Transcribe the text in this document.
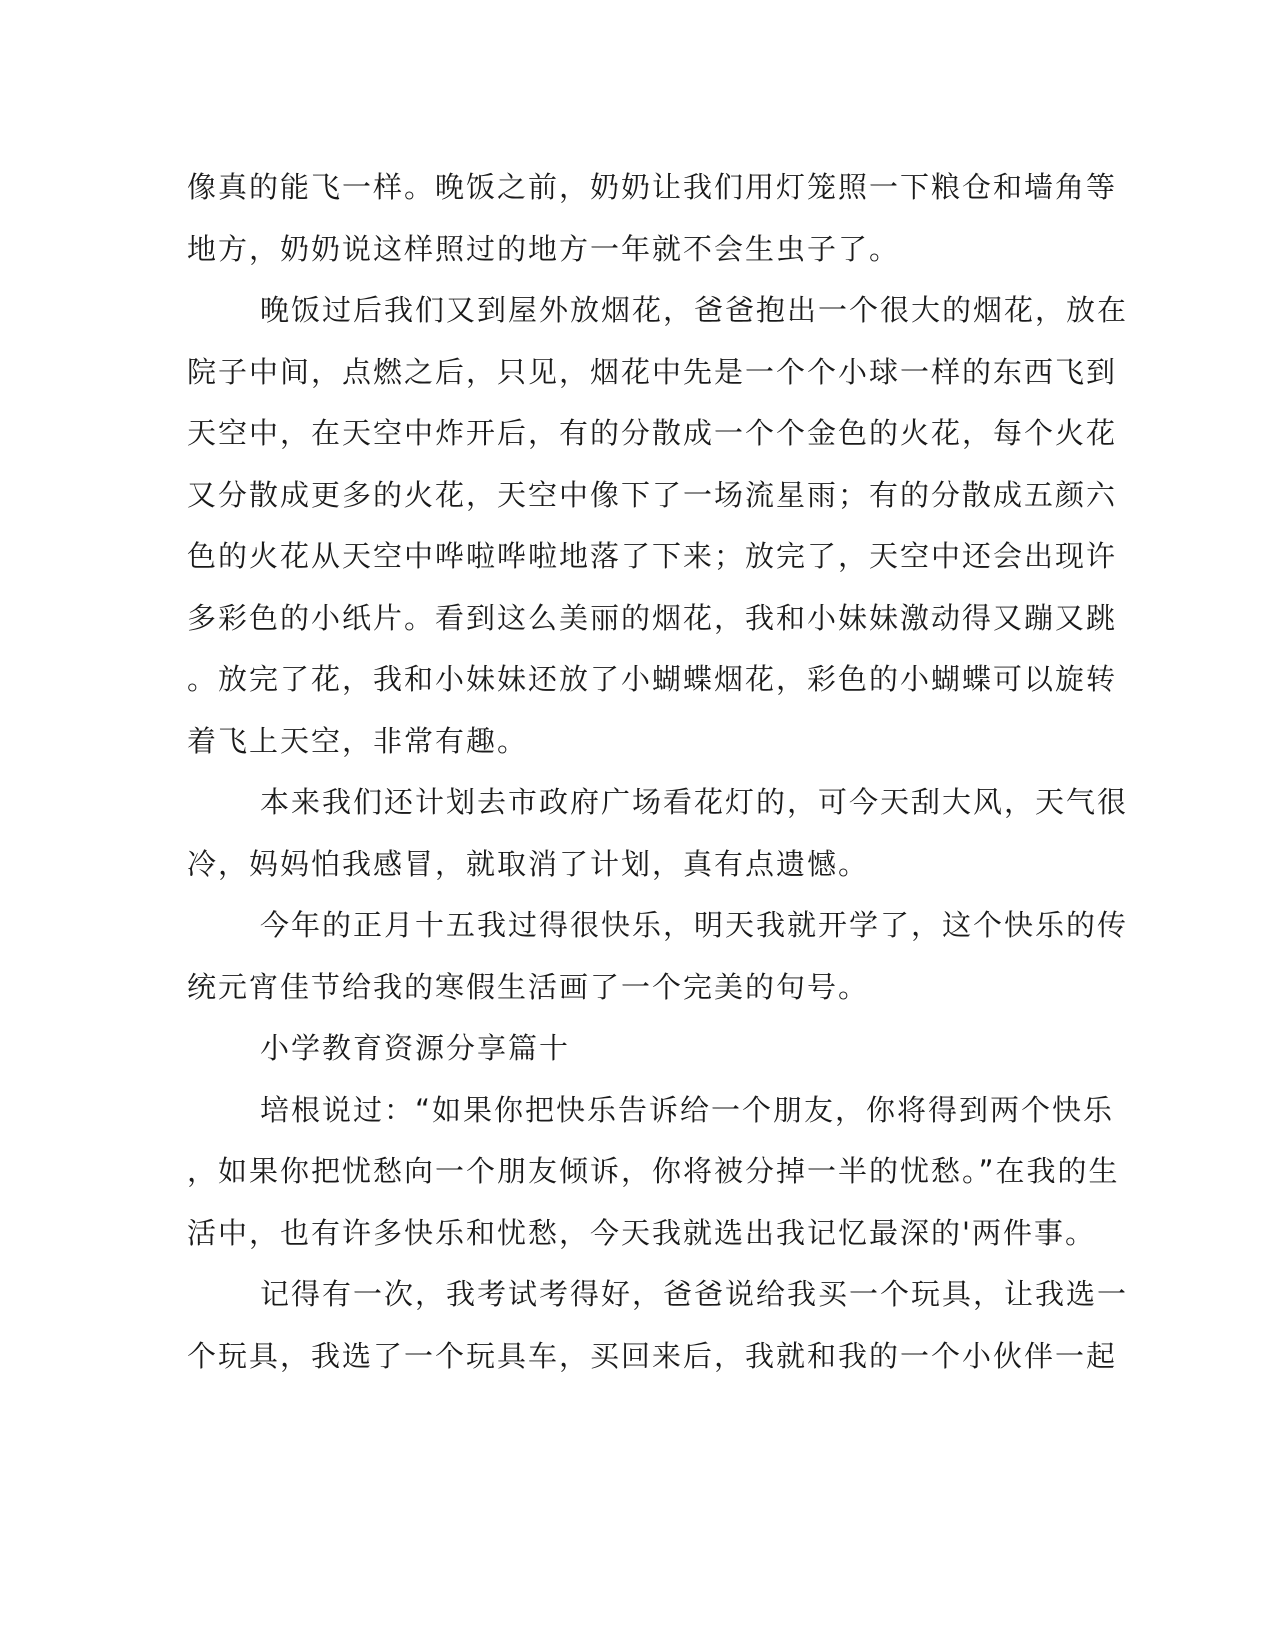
像真的能飞一样。晚饭之前，奶奶让我们用灯笼照一下粮仓和墙角等
地方，奶奶说这样照过的地方一年就不会生虫子了。
晚饭过后我们又到屋外放烟花，爸爸抱出一个很大的烟花，放在
院子中间，点燃之后，只见，烟花中先是一个个小球一样的东西飞到
天空中，在天空中炸开后，有的分散成一个个金色的火花，每个火花
又分散成更多的火花，天空中像下了一场流星雨；有的分散成五颜六
色的火花从天空中哗啦哗啦地落了下来；放完了，天空中还会出现许
多彩色的小纸片。看到这么美丽的烟花，我和小妹妹激动得又蹦又跳
。放完了花，我和小妹妹还放了小蝴蝶烟花，彩色的小蝴蝶可以旋转
着飞上天空，非常有趣。
本来我们还计划去市政府广场看花灯的，可今天刮大风，天气很
冷，妈妈怕我感冒，就取消了计划，真有点遗憾。
今年的正月十五我过得很快乐，明天我就开学了，这个快乐的传
统元宵佳节给我的寒假生活画了一个完美的句号。
小学教育资源分享篇十
培根说过：“如果你把快乐告诉给一个朋友，你将得到两个快乐
，如果你把忧愁向一个朋友倾诉，你将被分掉一半的忧愁。”在我的生
活中，也有许多快乐和忧愁，今天我就选出我记忆最深的'两件事。
记得有一次，我考试考得好，爸爸说给我买一个玩具，让我选一
个玩具，我选了一个玩具车，买回来后，我就和我的一个小伙伴一起
